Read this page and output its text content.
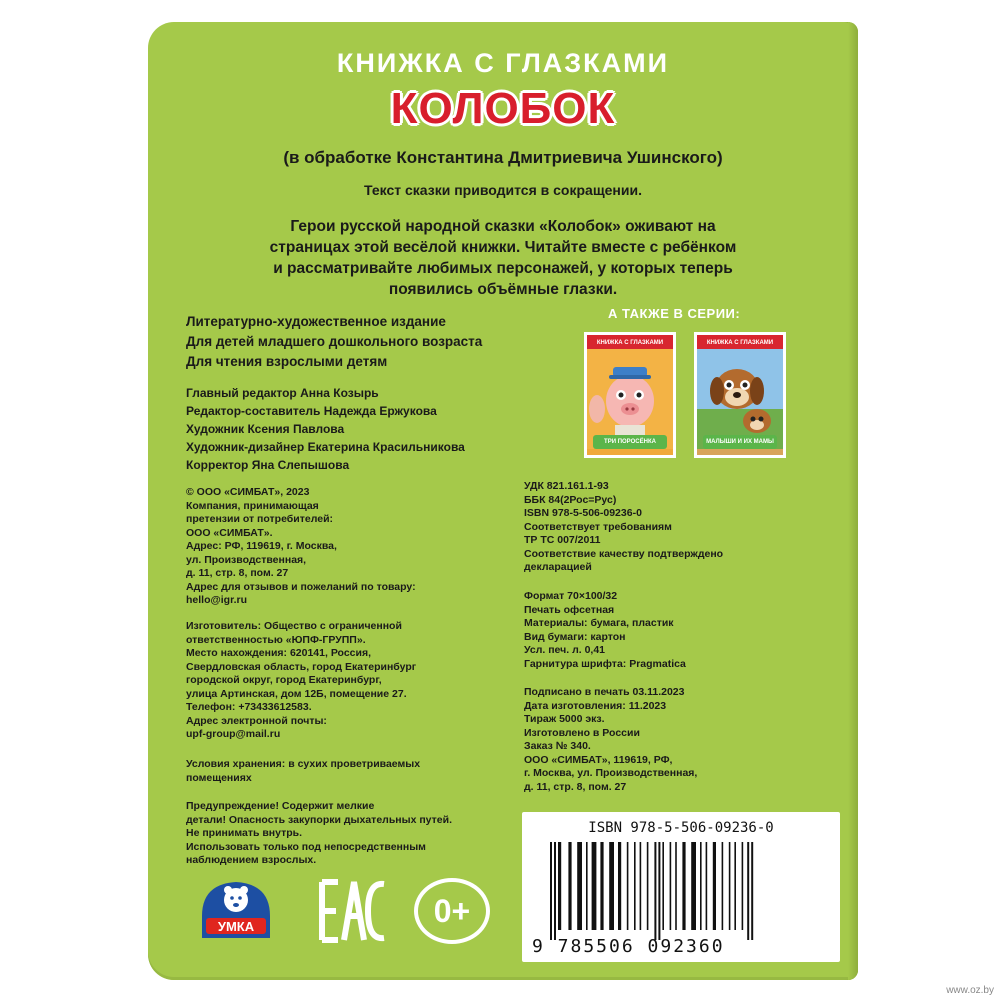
КНИЖКА С ГЛАЗКАМИ
КОЛОБОК
(в обработке Константина Дмитриевича Ушинского)
Текст сказки приводится в сокращении.
Герои русской народной сказки «Колобок» оживают на
страницах этой весёлой книжки. Читайте вместе с ребёнком
и рассматривайте любимых персонажей, у которых теперь
появились объёмные глазки.
Литературно-художественное издание
Для детей младшего дошкольного возраста
Для чтения взрослыми детям
Главный редактор Анна Козырь
Редактор-составитель Надежда Ержукова
Художник Ксения Павлова
Художник-дизайнер Екатерина Красильникова
Корректор Яна Слепышова
А ТАКЖЕ В СЕРИИ:
КНИЖКА С ГЛАЗКАМИ
ТРИ ПОРОСЁНКА
КНИЖКА С ГЛАЗКАМИ
МАЛЫШИ И ИХ МАМЫ
© ООО «СИМБАТ», 2023
Компания, принимающая
претензии от потребителей:
ООО «СИМБАТ».
Адрес: РФ, 119619, г. Москва,
ул. Производственная,
д. 11, стр. 8, пом. 27
Адрес для отзывов и пожеланий по товару:
hello@igr.ru
Изготовитель: Общество с ограниченной
ответственностью «ЮПФ-ГРУПП».
Место нахождения: 620141, Россия,
Свердловская область, город Екатеринбург
городской округ, город Екатеринбург,
улица Артинская, дом 12Б, помещение 27.
Телефон: +73433612583.
Адрес электронной почты:
upf-group@mail.ru
Условия хранения: в сухих проветриваемых
помещениях
Предупреждение! Содержит мелкие
детали! Опасность закупорки дыхательных путей.
Не принимать внутрь.
Использовать только под непосредственным
наблюдением взрослых.
УДК 821.161.1-93
ББК 84(2Рос=Рус)
ISBN 978-5-506-09236-0
Соответствует требованиям
ТР ТС 007/2011
Соответствие качеству подтверждено
декларацией
Формат 70×100/32
Печать офсетная
Материалы: бумага, пластик
Вид бумаги: картон
Усл. печ. л. 0,41
Гарнитура шрифта: Pragmatica
Подписано в печать 03.11.2023
Дата изготовления: 11.2023
Тираж 5000 экз.
Изготовлено в России
Заказ № 340.
ООО «СИМБАТ», 119619, РФ,
г. Москва, ул. Производственная,
д. 11, стр. 8, пом. 27
ISBN 978-5-506-09236-0
9 785506 092360
УМКА
EAC	0+
www.oz.by
